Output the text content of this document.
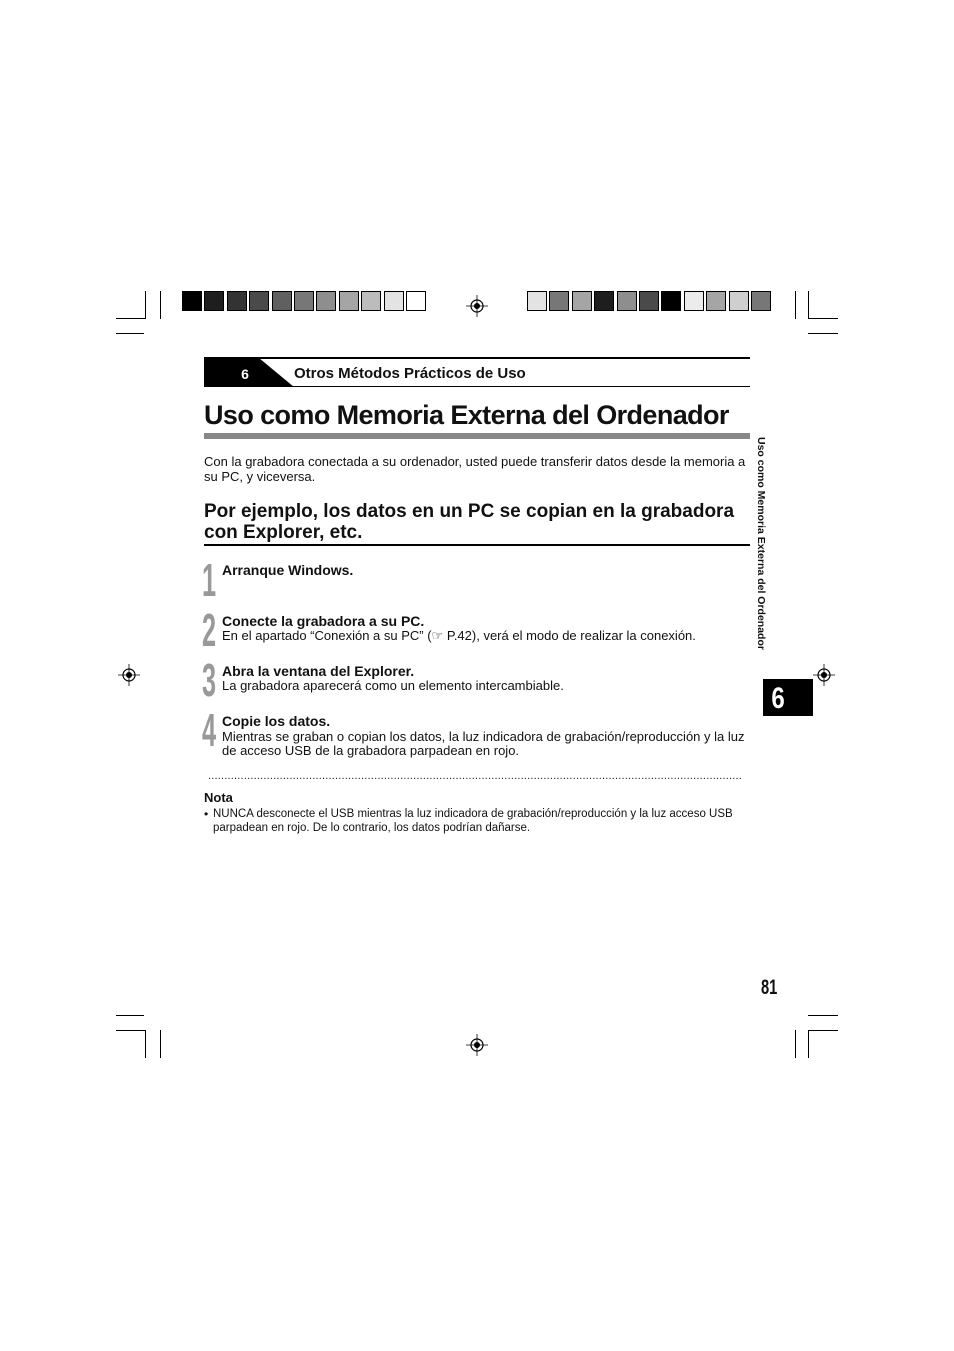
6	Otros Métodos Prácticos de Uso
Uso como Memoria Externa del Ordenador
Con la grabadora conectada a su ordenador, usted puede transferir datos desde la memoria a su PC, y viceversa.
Por ejemplo, los datos en un PC se copian en la grabadora con Explorer, etc.
1 Arranque Windows.
2 Conecte la grabadora a su PC.
En el apartado “Conexión a su PC” (☞ P.42), verá el modo de realizar la conexión.
3 Abra la ventana del Explorer.
La grabadora aparecerá como un elemento intercambiable.
4 Copie los datos.
Mientras se graban o copian los datos, la luz indicadora de grabación/reproducción y la luz de acceso USB de la grabadora parpadean en rojo.
....................................................................................................................................................................
Nota
• NUNCA desconecte el USB mientras la luz indicadora de grabación/reproducción y la luz acceso USB parpadean en rojo. De lo contrario, los datos podrían dañarse.
Uso como Memoria Externa del Ordenador
6
81
